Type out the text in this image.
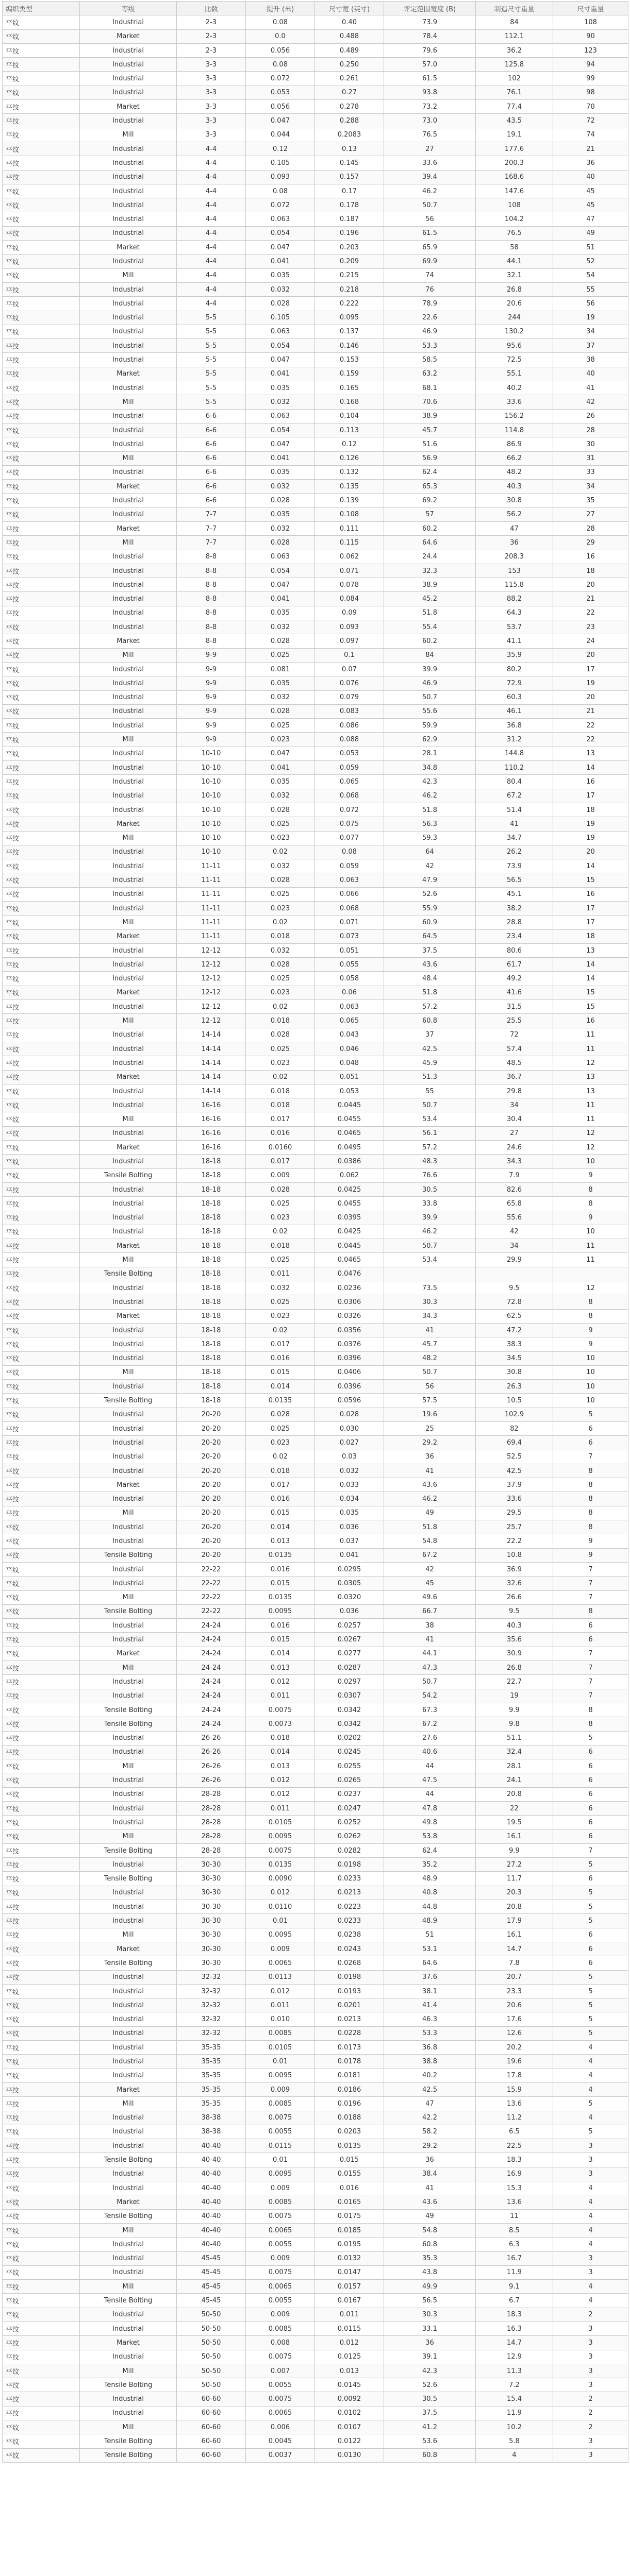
编织类型	等级	比数	提升 (米)	尺寸宽 (英寸)	评定范围宽度 (B)	制造尺寸重量	尺寸重量
平纹	Industrial	2-3	0.08	0.40	73.9	84	108
平纹	Market	2-3	0.0	0.488	78.4	112.1	90
平纹	Industrial	2-3	0.056	0.489	79.6	36.2	123
平纹	Industrial	3-3	0.08	0.250	57.0	125.8	94
平纹	Industrial	3-3	0.072	0.261	61.5	102	99
平纹	Industrial	3-3	0.053	0.27	93.8	76.1	98
平纹	Market	3-3	0.056	0.278	73.2	77.4	70
平纹	Industrial	3-3	0.047	0.288	73.0	43.5	72
平纹	Mill	3-3	0.044	0.2083	76.5	19.1	74
平纹	Industrial	4-4	0.12	0.13	27	177.6	21
平纹	Industrial	4-4	0.105	0.145	33.6	200.3	36
平纹	Industrial	4-4	0.093	0.157	39.4	168.6	40
平纹	Industrial	4-4	0.08	0.17	46.2	147.6	45
平纹	Industrial	4-4	0.072	0.178	50.7	108	45
平纹	Industrial	4-4	0.063	0.187	56	104.2	47
平纹	Industrial	4-4	0.054	0.196	61.5	76.5	49
平纹	Market	4-4	0.047	0.203	65.9	58	51
平纹	Industrial	4-4	0.041	0.209	69.9	44.1	52
平纹	Mill	4-4	0.035	0.215	74	32.1	54
平纹	Industrial	4-4	0.032	0.218	76	26.8	55
平纹	Industrial	4-4	0.028	0.222	78.9	20.6	56
平纹	Industrial	5-5	0.105	0.095	22.6	244	19
平纹	Industrial	5-5	0.063	0.137	46.9	130.2	34
平纹	Industrial	5-5	0.054	0.146	53.3	95.6	37
平纹	Industrial	5-5	0.047	0.153	58.5	72.5	38
平纹	Market	5-5	0.041	0.159	63.2	55.1	40
平纹	Industrial	5-5	0.035	0.165	68.1	40.2	41
平纹	Mill	5-5	0.032	0.168	70.6	33.6	42
平纹	Industrial	6-6	0.063	0.104	38.9	156.2	26
平纹	Industrial	6-6	0.054	0.113	45.7	114.8	28
平纹	Industrial	6-6	0.047	0.12	51.6	86.9	30
平纹	Mill	6-6	0.041	0.126	56.9	66.2	31
平纹	Industrial	6-6	0.035	0.132	62.4	48.2	33
平纹	Market	6-6	0.032	0.135	65.3	40.3	34
平纹	Industrial	6-6	0.028	0.139	69.2	30.8	35
平纹	Industrial	7-7	0.035	0.108	57	56.2	27
平纹	Market	7-7	0.032	0.111	60.2	47	28
平纹	Mill	7-7	0.028	0.115	64.6	36	29
平纹	Industrial	8-8	0.063	0.062	24.4	208.3	16
平纹	Industrial	8-8	0.054	0.071	32.3	153	18
平纹	Industrial	8-8	0.047	0.078	38.9	115.8	20
平纹	Industrial	8-8	0.041	0.084	45.2	88.2	21
平纹	Industrial	8-8	0.035	0.09	51.8	64.3	22
平纹	Industrial	8-8	0.032	0.093	55.4	53.7	23
平纹	Market	8-8	0.028	0.097	60.2	41.1	24
平纹	Mill	9-9	0.025	0.1	84	35.9	20
平纹	Industrial	9-9	0.081	0.07	39.9	80.2	17
平纹	Industrial	9-9	0.035	0.076	46.9	72.9	19
平纹	Industrial	9-9	0.032	0.079	50.7	60.3	20
平纹	Industrial	9-9	0.028	0.083	55.6	46.1	21
平纹	Industrial	9-9	0.025	0.086	59.9	36.8	22
平纹	Mill	9-9	0.023	0.088	62.9	31.2	22
平纹	Industrial	10-10	0.047	0.053	28.1	144.8	13
平纹	Industrial	10-10	0.041	0.059	34.8	110.2	14
平纹	Industrial	10-10	0.035	0.065	42.3	80.4	16
平纹	Industrial	10-10	0.032	0.068	46.2	67.2	17
平纹	Industrial	10-10	0.028	0.072	51.8	51.4	18
平纹	Market	10-10	0.025	0.075	56.3	41	19
平纹	Mill	10-10	0.023	0.077	59.3	34.7	19
平纹	Industrial	10-10	0.02	0.08	64	26.2	20
平纹	Industrial	11-11	0.032	0.059	42	73.9	14
平纹	Industrial	11-11	0.028	0.063	47.9	56.5	15
平纹	Industrial	11-11	0.025	0.066	52.6	45.1	16
平纹	Industrial	11-11	0.023	0.068	55.9	38.2	17
平纹	Mill	11-11	0.02	0.071	60.9	28.8	17
平纹	Market	11-11	0.018	0.073	64.5	23.4	18
平纹	Industrial	12-12	0.032	0.051	37.5	80.6	13
平纹	Industrial	12-12	0.028	0.055	43.6	61.7	14
平纹	Industrial	12-12	0.025	0.058	48.4	49.2	14
平纹	Market	12-12	0.023	0.06	51.8	41.6	15
平纹	Industrial	12-12	0.02	0.063	57.2	31.5	15
平纹	Mill	12-12	0.018	0.065	60.8	25.5	16
平纹	Industrial	14-14	0.028	0.043	37	72	11
平纹	Industrial	14-14	0.025	0.046	42.5	57.4	11
平纹	Industrial	14-14	0.023	0.048	45.9	48.5	12
平纹	Market	14-14	0.02	0.051	51.3	36.7	13
平纹	Industrial	14-14	0.018	0.053	55	29.8	13
平纹	Industrial	16-16	0.018	0.0445	50.7	34	11
平纹	Mill	16-16	0.017	0.0455	53.4	30.4	11
平纹	Industrial	16-16	0.016	0.0465	56.1	27	12
平纹	Market	16-16	0.0160	0.0495	57.2	24.6	12
平纹	Industrial	18-18	0.017	0.0386	48.3	34.3	10
平纹	Tensile Bolting	18-18	0.009	0.062	76.6	7.9	9
平纹	Industrial	18-18	0.028	0.0425	30.5	82.6	8
平纹	Industrial	18-18	0.025	0.0455	33.8	65.8	8
平纹	Industrial	18-18	0.023	0.0395	39.9	55.6	9
平纹	Industrial	18-18	0.02	0.0425	46.2	42	10
平纹	Market	18-18	0.018	0.0445	50.7	34	11
平纹	Mill	18-18	0.025	0.0465	53.4	29.9	11
平纹	Tensile Bolting	18-18	0.011	0.0476			
平纹	Industrial	18-18	0.032	0.0236	73.5	9.5	12
平纹	Industrial	18-18	0.025	0.0306	30.3	72.8	8
平纹	Market	18-18	0.023	0.0326	34.3	62.5	8
平纹	Industrial	18-18	0.02	0.0356	41	47.2	9
平纹	Industrial	18-18	0.017	0.0376	45.7	38.3	9
平纹	Industrial	18-18	0.016	0.0396	48.2	34.5	10
平纹	Mill	18-18	0.015	0.0406	50.7	30.8	10
平纹	Industrial	18-18	0.014	0.0396	56	26.3	10
平纹	Tensile Bolting	18-18	0.0135	0.0596	57.5	10.5	10
平纹	Industrial	20-20	0.028	0.028	19.6	102.9	5
平纹	Industrial	20-20	0.025	0.030	25	82	6
平纹	Industrial	20-20	0.023	0.027	29.2	69.4	6
平纹	Industrial	20-20	0.02	0.03	36	52.5	7
平纹	Industrial	20-20	0.018	0.032	41	42.5	8
平纹	Market	20-20	0.017	0.033	43.6	37.9	8
平纹	Industrial	20-20	0.016	0.034	46.2	33.6	8
平纹	Mill	20-20	0.015	0.035	49	29.5	8
平纹	Industrial	20-20	0.014	0.036	51.8	25.7	8
平纹	Industrial	20-20	0.013	0.037	54.8	22.2	9
平纹	Tensile Bolting	20-20	0.0135	0.041	67.2	10.8	9
平纹	Industrial	22-22	0.016	0.0295	42	36.9	7
平纹	Industrial	22-22	0.015	0.0305	45	32.6	7
平纹	Mill	22-22	0.0135	0.0320	49.6	26.6	7
平纹	Tensile Bolting	22-22	0.0095	0.036	66.7	9.5	8
平纹	Industrial	24-24	0.016	0.0257	38	40.3	6
平纹	Industrial	24-24	0.015	0.0267	41	35.6	6
平纹	Market	24-24	0.014	0.0277	44.1	30.9	7
平纹	Mill	24-24	0.013	0.0287	47.3	26.8	7
平纹	Industrial	24-24	0.012	0.0297	50.7	22.7	7
平纹	Industrial	24-24	0.011	0.0307	54.2	19	7
平纹	Tensile Bolting	24-24	0.0075	0.0342	67.3	9.9	8
平纹	Tensile Bolting	24-24	0.0073	0.0342	67.2	9.8	8
平纹	Industrial	26-26	0.018	0.0202	27.6	51.1	5
平纹	Industrial	26-26	0.014	0.0245	40.6	32.4	6
平纹	Mill	26-26	0.013	0.0255	44	28.1	6
平纹	Industrial	26-26	0.012	0.0265	47.5	24.1	6
平纹	Industrial	28-28	0.012	0.0237	44	20.8	6
平纹	Industrial	28-28	0.011	0.0247	47.8	22	6
平纹	Industrial	28-28	0.0105	0.0252	49.8	19.5	6
平纹	Mill	28-28	0.0095	0.0262	53.8	16.1	6
平纹	Tensile Bolting	28-28	0.0075	0.0282	62.4	9.9	7
平纹	Industrial	30-30	0.0135	0.0198	35.2	27.2	5
平纹	Tensile Bolting	30-30	0.0090	0.0233	48.9	11.7	6
平纹	Industrial	30-30	0.012	0.0213	40.8	20.3	5
平纹	Industrial	30-30	0.0110	0.0223	44.8	20.8	5
平纹	Industrial	30-30	0.01	0.0233	48.9	17.9	5
平纹	Mill	30-30	0.0095	0.0238	51	16.1	6
平纹	Market	30-30	0.009	0.0243	53.1	14.7	6
平纹	Tensile Bolting	30-30	0.0065	0.0268	64.6	7.8	6
平纹	Industrial	32-32	0.0113	0.0198	37.6	20.7	5
平纹	Industrial	32-32	0.012	0.0193	38.1	23.3	5
平纹	Industrial	32-32	0.011	0.0201	41.4	20.6	5
平纹	Industrial	32-32	0.010	0.0213	46.3	17.6	5
平纹	Industrial	32-32	0.0085	0.0228	53.3	12.6	5
平纹	Industrial	35-35	0.0105	0.0173	36.8	20.2	4
平纹	Industrial	35-35	0.01	0.0178	38.8	19.6	4
平纹	Industrial	35-35	0.0095	0.0181	40.2	17.8	4
平纹	Market	35-35	0.009	0.0186	42.5	15.9	4
平纹	Mill	35-35	0.0085	0.0196	47	13.6	5
平纹	Industrial	38-38	0.0075	0.0188	42.2	11.2	4
平纹	Industrial	38-38	0.0055	0.0203	58.2	6.5	5
平纹	Industrial	40-40	0.0115	0.0135	29.2	22.5	3
平纹	Tensile Bolting	40-40	0.01	0.015	36	18.3	3
平纹	Industrial	40-40	0.0095	0.0155	38.4	16.9	3
平纹	Industrial	40-40	0.009	0.016	41	15.3	4
平纹	Market	40-40	0.0085	0.0165	43.6	13.6	4
平纹	Tensile Bolting	40-40	0.0075	0.0175	49	11	4
平纹	Mill	40-40	0.0065	0.0185	54.8	8.5	4
平纹	Industrial	40-40	0.0055	0.0195	60.8	6.3	4
平纹	Industrial	45-45	0.009	0.0132	35.3	16.7	3
平纹	Industrial	45-45	0.0075	0.0147	43.8	11.9	3
平纹	Mill	45-45	0.0065	0.0157	49.9	9.1	4
平纹	Tensile Bolting	45-45	0.0055	0.0167	56.5	6.7	4
平纹	Industrial	50-50	0.009	0.011	30.3	18.3	2
平纹	Industrial	50-50	0.0085	0.0115	33.1	16.3	3
平纹	Market	50-50	0.008	0.012	36	14.7	3
平纹	Industrial	50-50	0.0075	0.0125	39.1	12.9	3
平纹	Mill	50-50	0.007	0.013	42.3	11.3	3
平纹	Tensile Bolting	50-50	0.0055	0.0145	52.6	7.2	3
平纹	Industrial	60-60	0.0075	0.0092	30.5	15.4	2
平纹	Industrial	60-60	0.0065	0.0102	37.5	11.9	2
平纹	Mill	60-60	0.006	0.0107	41.2	10.2	2
平纹	Tensile Bolting	60-60	0.0045	0.0122	53.6	5.8	3
平纹	Tensile Bolting	60-60	0.0037	0.0130	60.8	4	3
